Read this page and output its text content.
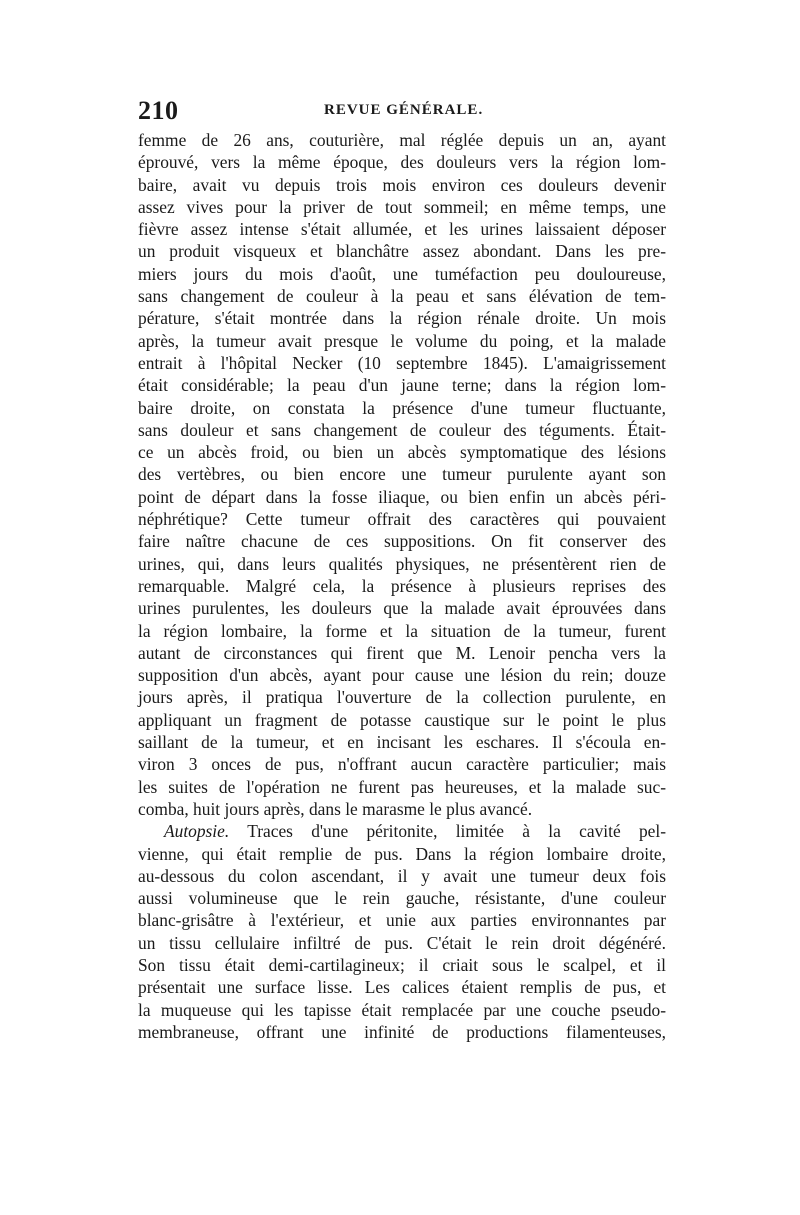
210	REVUE GÉNÉRALE.
femme de 26 ans, couturière, mal réglée depuis un an, ayant
éprouvé, vers la même époque, des douleurs vers la région lom-
baire, avait vu depuis trois mois environ ces douleurs devenir
assez vives pour la priver de tout sommeil; en même temps, une
fièvre assez intense s'était allumée, et les urines laissaient déposer
un produit visqueux et blanchâtre assez abondant. Dans les pre-
miers jours du mois d'août, une tuméfaction peu douloureuse,
sans changement de couleur à la peau et sans élévation de tem-
pérature, s'était montrée dans la région rénale droite. Un mois
après, la tumeur avait presque le volume du poing, et la malade
entrait à l'hôpital Necker (10 septembre 1845). L'amaigrissement
était considérable; la peau d'un jaune terne; dans la région lom-
baire droite, on constata la présence d'une tumeur fluctuante,
sans douleur et sans changement de couleur des téguments. Était-
ce un abcès froid, ou bien un abcès symptomatique des lésions
des vertèbres, ou bien encore une tumeur purulente ayant son
point de départ dans la fosse iliaque, ou bien enfin un abcès péri-
néphrétique? Cette tumeur offrait des caractères qui pouvaient
faire naître chacune de ces suppositions. On fit conserver des
urines, qui, dans leurs qualités physiques, ne présentèrent rien de
remarquable. Malgré cela, la présence à plusieurs reprises des
urines purulentes, les douleurs que la malade avait éprouvées dans
la région lombaire, la forme et la situation de la tumeur, furent
autant de circonstances qui firent que M. Lenoir pencha vers la
supposition d'un abcès, ayant pour cause une lésion du rein; douze
jours après, il pratiqua l'ouverture de la collection purulente, en
appliquant un fragment de potasse caustique sur le point le plus
saillant de la tumeur, et en incisant les eschares. Il s'écoula en-
viron 3 onces de pus, n'offrant aucun caractère particulier; mais
les suites de l'opération ne furent pas heureuses, et la malade suc-
comba, huit jours après, dans le marasme le plus avancé.
Autopsie. Traces d'une péritonite, limitée à la cavité pel-
vienne, qui était remplie de pus. Dans la région lombaire droite,
au-dessous du colon ascendant, il y avait une tumeur deux fois
aussi volumineuse que le rein gauche, résistante, d'une couleur
blanc-grisâtre à l'extérieur, et unie aux parties environnantes par
un tissu cellulaire infiltré de pus. C'était le rein droit dégénéré.
Son tissu était demi-cartilagineux; il criait sous le scalpel, et il
présentait une surface lisse. Les calices étaient remplis de pus, et
la muqueuse qui les tapisse était remplacée par une couche pseudo-
membraneuse, offrant une infinité de productions filamenteuses,
